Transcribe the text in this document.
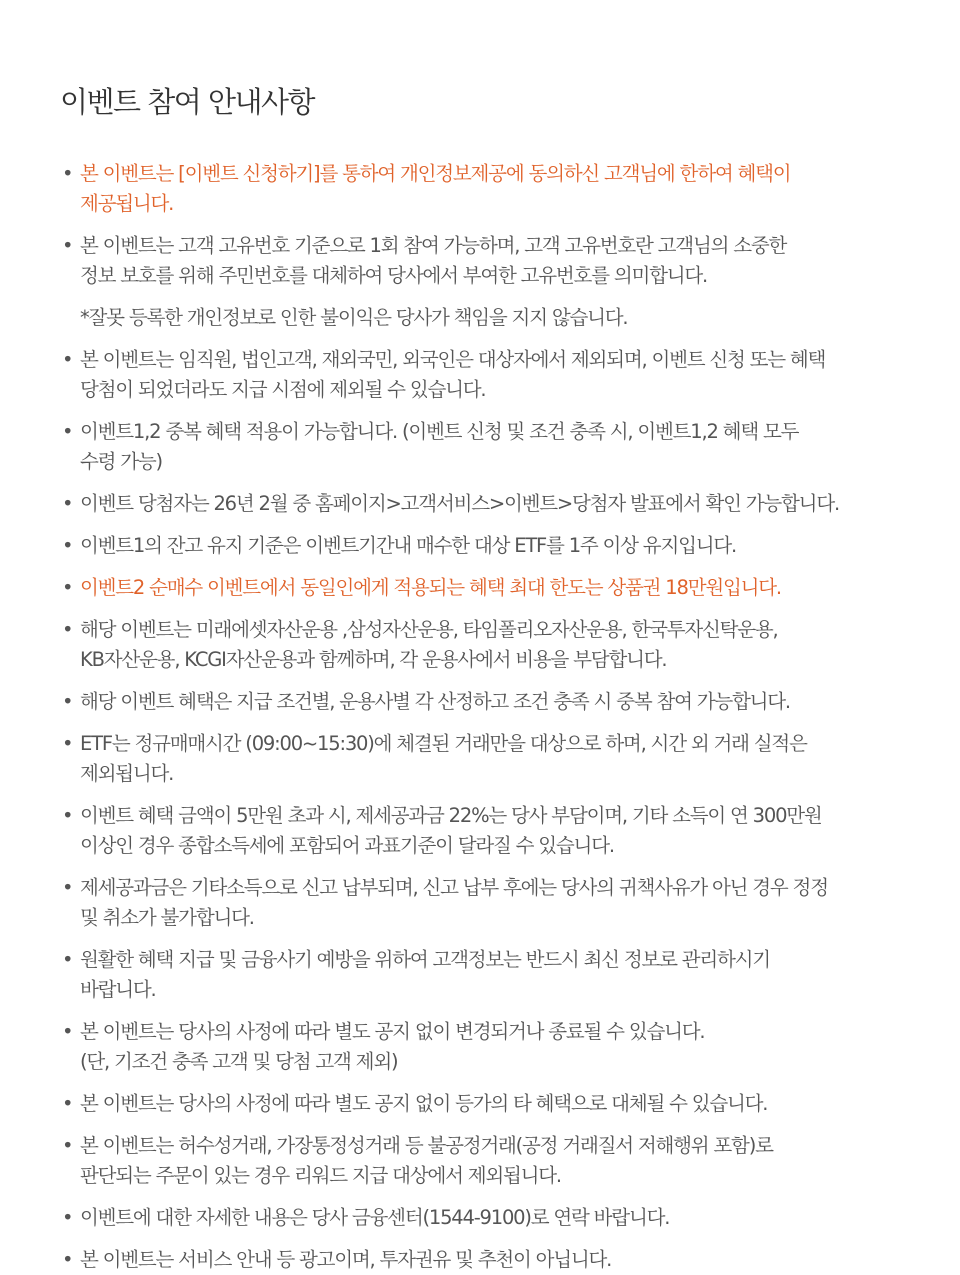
이벤트 참여 안내사항
• 본 이벤트는 [이벤트 신청하기]를 통하여 개인정보제공에 동의하신 고객님에 한하여 혜택이
제공됩니다.
• 본 이벤트는 고객 고유번호 기준으로 1회 참여 가능하며, 고객 고유번호란 고객님의 소중한
정보 보호를 위해 주민번호를 대체하여 당사에서 부여한 고유번호를 의미합니다.
*잘못 등록한 개인정보로 인한 불이익은 당사가 책임을 지지 않습니다.
• 본 이벤트는 임직원, 법인고객, 재외국민, 외국인은 대상자에서 제외되며, 이벤트 신청 또는 혜택
당첨이 되었더라도 지급 시점에 제외될 수 있습니다.
• 이벤트1,2 중복 혜택 적용이 가능합니다. (이벤트 신청 및 조건 충족 시, 이벤트1,2 혜택 모두
수령 가능)
• 이벤트 당첨자는 26년 2월 중 홈페이지>고객서비스>이벤트>당첨자 발표에서 확인 가능합니다.
• 이벤트1의 잔고 유지 기준은 이벤트기간내 매수한 대상 ETF를 1주 이상 유지입니다.
• 이벤트2 순매수 이벤트에서 동일인에게 적용되는 혜택 최대 한도는 상품권 18만원입니다.
• 해당 이벤트는 미래에셋자산운용 ,삼성자산운용, 타임폴리오자산운용, 한국투자신탁운용,
KB자산운용, KCGI자산운용과 함께하며, 각 운용사에서 비용을 부담합니다.
• 해당 이벤트 혜택은 지급 조건별, 운용사별 각 산정하고 조건 충족 시 중복 참여 가능합니다.
• ETF는 정규매매시간 (09:00~15:30)에 체결된 거래만을 대상으로 하며, 시간 외 거래 실적은
제외됩니다.
• 이벤트 혜택 금액이 5만원 초과 시, 제세공과금 22%는 당사 부담이며, 기타 소득이 연 300만원
이상인 경우 종합소득세에 포함되어 과표기준이 달라질 수 있습니다.
• 제세공과금은 기타소득으로 신고 납부되며, 신고 납부 후에는 당사의 귀책사유가 아닌 경우 정정
및 취소가 불가합니다.
• 원활한 혜택 지급 및 금융사기 예방을 위하여 고객정보는 반드시 최신 정보로 관리하시기
바랍니다.
• 본 이벤트는 당사의 사정에 따라 별도 공지 없이 변경되거나 종료될 수 있습니다.
(단, 기조건 충족 고객 및 당첨 고객 제외)
• 본 이벤트는 당사의 사정에 따라 별도 공지 없이 등가의 타 혜택으로 대체될 수 있습니다.
• 본 이벤트는 허수성거래, 가장통정성거래 등 불공정거래(공정 거래질서 저해행위 포함)로
판단되는 주문이 있는 경우 리워드 지급 대상에서 제외됩니다.
• 이벤트에 대한 자세한 내용은 당사 금융센터(1544-9100)로 연락 바랍니다.
• 본 이벤트는 서비스 안내 등 광고이며, 투자권유 및 추천이 아닙니다.
